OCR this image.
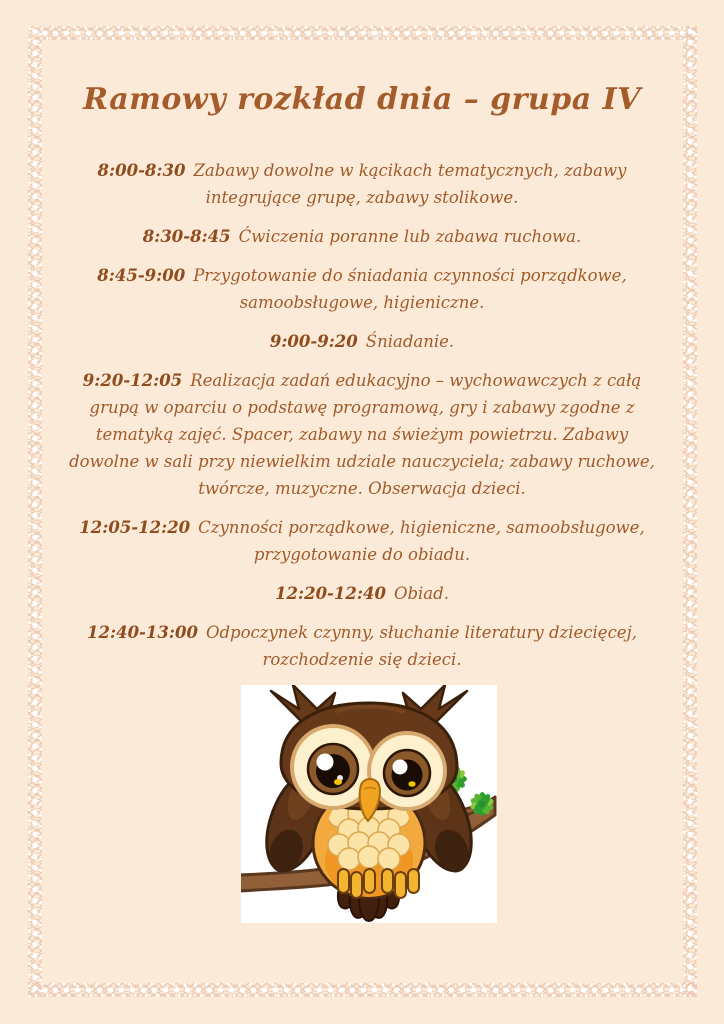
Ramowy rozkład dnia – grupa IV

8:00-8:30 Zabawy dowolne w kącikach tematycznych, zabawy integrujące grupę, zabawy stolikowe.

8:30-8:45 Ćwiczenia poranne lub zabawa ruchowa.

8:45-9:00 Przygotowanie do śniadania czynności porządkowe, samoobsługowe, higieniczne.

9:00-9:20 Śniadanie.

9:20-12:05 Realizacja zadań edukacyjno – wychowawczych z całą grupą w oparciu o podstawę programową, gry i zabawy zgodne z tematyką zajęć. Spacer, zabawy na świeżym powietrzu. Zabawy dowolne w sali przy niewielkim udziale nauczyciela; zabawy ruchowe, twórcze, muzyczne. Obserwacja dzieci.

12:05-12:20 Czynności porządkowe, higieniczne, samoobsługowe, przygotowanie do obiadu.

12:20-12:40 Obiad.

12:40-13:00 Odpoczynek czynny, słuchanie literatury dziecięcej, rozchodzenie się dzieci.
